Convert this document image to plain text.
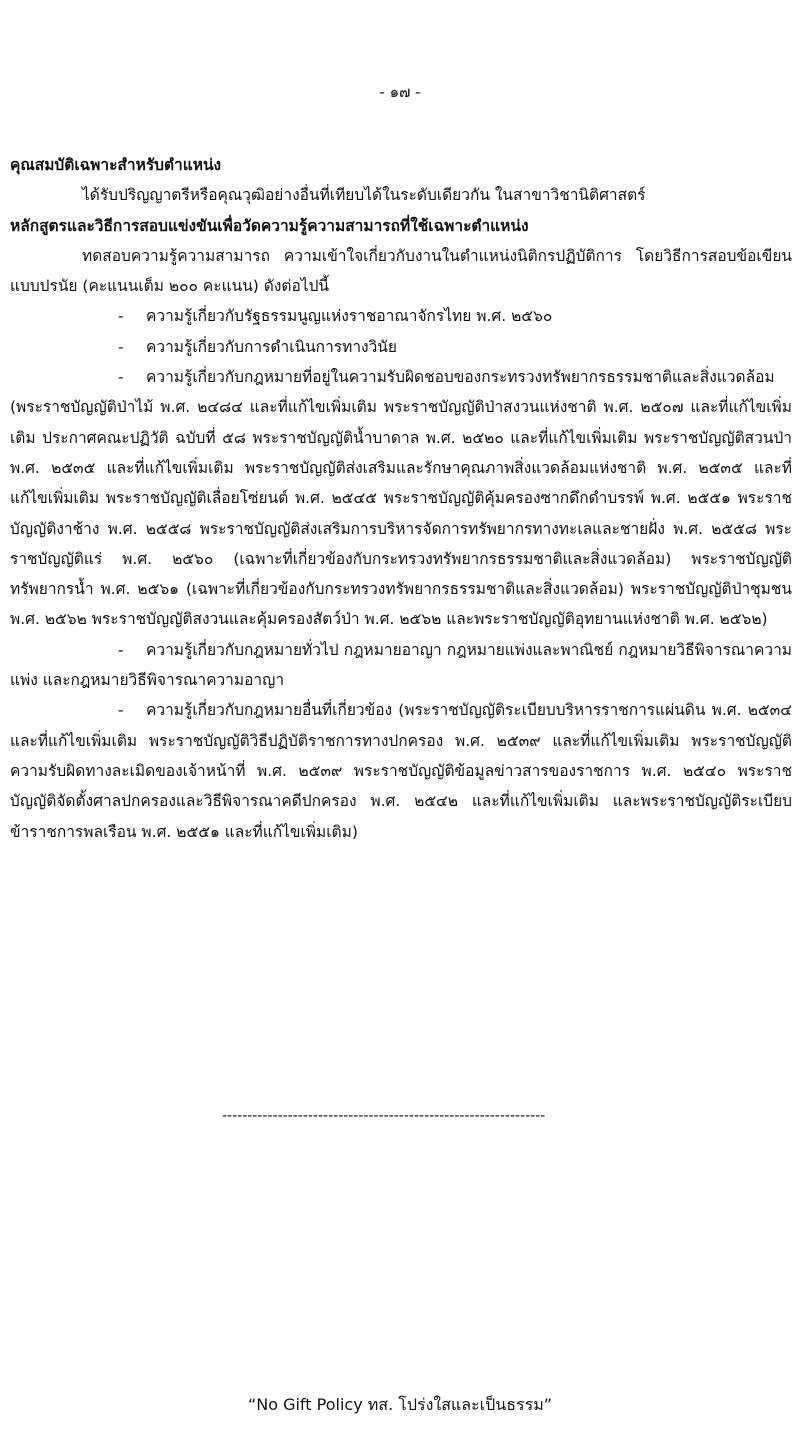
- ๑๗ -

คุณสมบัติเฉพาะสำหรับตำแหน่ง

ได้รับปริญญาตรีหรือคุณวุฒิอย่างอื่นที่เทียบได้ในระดับเดียวกัน ในสาขาวิชานิติศาสตร์

หลักสูตรและวิธีการสอบแข่งขันเพื่อวัดความรู้ความสามารถที่ใช้เฉพาะตำแหน่ง

ทดสอบความรู้ความสามารถ ความเข้าใจเกี่ยวกับงานในตำแหน่งนิติกรปฏิบัติการ โดยวิธีการสอบข้อเขียน แบบปรนัย (คะแนนเต็ม ๒๐๐ คะแนน) ดังต่อไปนี้

- ความรู้เกี่ยวกับรัฐธรรมนูญแห่งราชอาณาจักรไทย พ.ศ. ๒๕๖๐

- ความรู้เกี่ยวกับการดำเนินการทางวินัย

- ความรู้เกี่ยวกับกฎหมายที่อยู่ในความรับผิดชอบของกระทรวงทรัพยากรธรรมชาติและสิ่งแวดล้อม (พระราชบัญญัติป่าไม้ พ.ศ. ๒๔๘๔ และที่แก้ไขเพิ่มเติม พระราชบัญญัติป่าสงวนแห่งชาติ พ.ศ. ๒๕๐๗ และที่แก้ไขเพิ่มเติม ประกาศคณะปฏิวัติ ฉบับที่ ๕๘ พระราชบัญญัติน้ำบาดาล พ.ศ. ๒๕๒๐ และที่แก้ไขเพิ่มเติม พระราชบัญญัติสวนป่า พ.ศ. ๒๕๓๕ และที่แก้ไขเพิ่มเติม พระราชบัญญัติส่งเสริมและรักษาคุณภาพสิ่งแวดล้อมแห่งชาติ พ.ศ. ๒๕๓๕ และที่แก้ไขเพิ่มเติม พระราชบัญญัติเลื่อยโซ่ยนต์ พ.ศ. ๒๕๔๕ พระราชบัญญัติคุ้มครองซากดึกดำบรรพ์ พ.ศ. ๒๕๕๑ พระราชบัญญัติงาช้าง พ.ศ. ๒๕๕๘ พระราชบัญญัติส่งเสริมการบริหารจัดการทรัพยากรทางทะเลและชายฝั่ง พ.ศ. ๒๕๕๘ พระราชบัญญัติแร่ พ.ศ. ๒๕๖๐ (เฉพาะที่เกี่ยวข้องกับกระทรวงทรัพยากรธรรมชาติและสิ่งแวดล้อม) พระราชบัญญัติทรัพยากรน้ำ พ.ศ. ๒๕๖๑ (เฉพาะที่เกี่ยวข้องกับกระทรวงทรัพยากรธรรมชาติและสิ่งแวดล้อม) พระราชบัญญัติป่าชุมชน พ.ศ. ๒๕๖๒ พระราชบัญญัติสงวนและคุ้มครองสัตว์ป่า พ.ศ. ๒๕๖๒ และพระราชบัญญัติอุทยานแห่งชาติ พ.ศ. ๒๕๖๒)

- ความรู้เกี่ยวกับกฎหมายทั่วไป กฎหมายอาญา กฎหมายแพ่งและพาณิชย์ กฎหมายวิธีพิจารณาความแพ่ง และกฎหมายวิธีพิจารณาความอาญา

- ความรู้เกี่ยวกับกฎหมายอื่นที่เกี่ยวข้อง (พระราชบัญญัติระเบียบบริหารราชการแผ่นดิน พ.ศ. ๒๕๓๔ และที่แก้ไขเพิ่มเติม พระราชบัญญัติวิธีปฏิบัติราชการทางปกครอง พ.ศ. ๒๕๓๙ และที่แก้ไขเพิ่มเติม พระราชบัญญัติความรับผิดทางละเมิดของเจ้าหน้าที่ พ.ศ. ๒๕๓๙ พระราชบัญญัติข้อมูลข่าวสารของราชการ พ.ศ. ๒๕๔๐ พระราชบัญญัติจัดตั้งศาลปกครองและวิธีพิจารณาคดีปกครอง พ.ศ. ๒๕๔๒ และที่แก้ไขเพิ่มเติม และพระราชบัญญัติระเบียบข้าราชการพลเรือน พ.ศ. ๒๕๕๑ และที่แก้ไขเพิ่มเติม)

----------------------------------------------------------------
“No Gift Policy ทส. โปร่งใสและเป็นธรรม”
